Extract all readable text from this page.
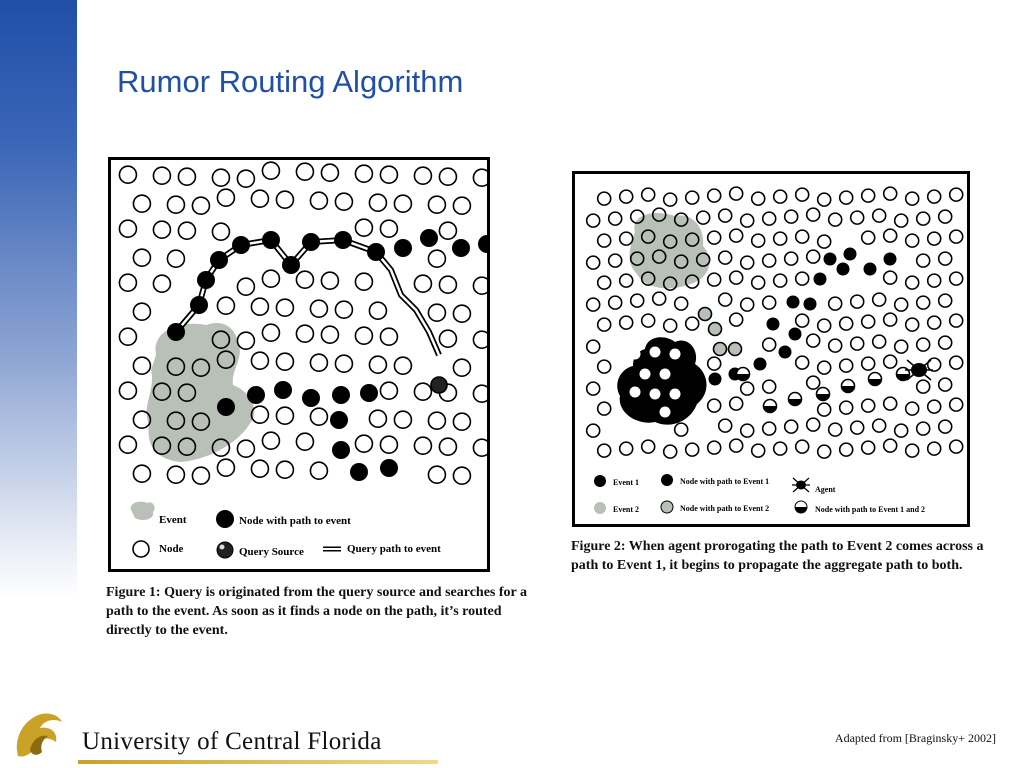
Rumor Routing Algorithm
Event
Node
Node with path to event
Query Source	Query path to event
Figure 1: Query is originated from the query source and searches for a path to the event. As soon as it finds a node on the path, it’s routed directly to the event.
Event 1
Event 2
Node with path to Event 1
Node with path to Event 2
Agent
Node with path to Event 1 and 2
Figure 2: When agent prorogating the path to Event 2 comes across a path to Event 1, it begins to propagate the aggregate path to both.
University of Central Florida	Adapted from [Braginsky+ 2002]
